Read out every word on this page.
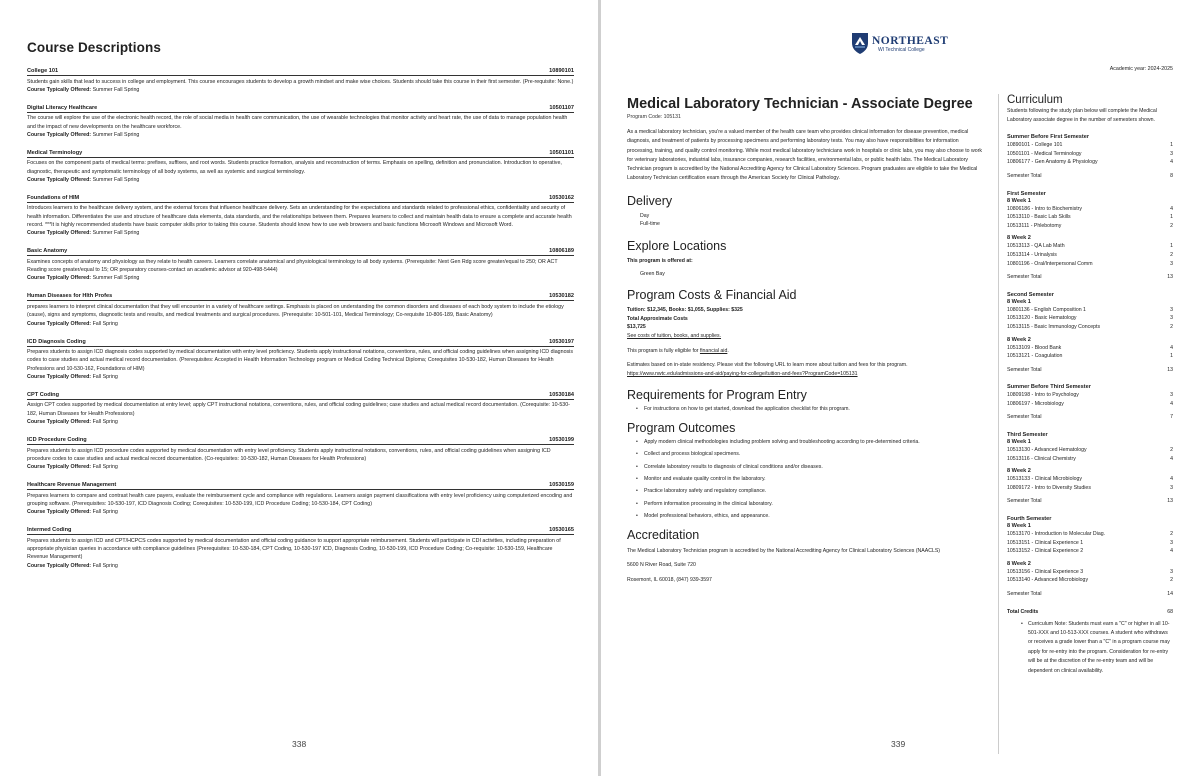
Course Descriptions
College 101	10890101
Students gain skills that lead to success in college and employment. This course encourages students to develop a growth mindset and make wise choices. Students should take this course in their first semester. (Pre-requisite: None.)
Course Typically Offered: Summer Fall Spring
Digital Literacy Healthcare	10501107
The course will explore the use of the electronic health record, the role of social media in health care communication, the use of wearable technologies that monitor activity and heart rate, the use of data to manage population health and the impact of new developments on the healthcare workforce.
Course Typically Offered: Summer Fall Spring
Medical Terminology	10501101
Focuses on the component parts of medical terms: prefixes, suffixes, and root words. Students practice formation, analysis and reconstruction of terms. Emphasis on spelling, definition and pronunciation. Introduction to operative, diagnostic, therapeutic and symptomatic terminology of all body systems, as well as systemic and surgical terminology.
Course Typically Offered: Summer Fall Spring
Foundations of HIM	10530162
Introduces learners to the healthcare delivery system, and the external forces that influence healthcare delivery. Sets an understanding for the expectations and standards related to professional ethics, confidentiality and security of health information. Differentiates the use and structure of healthcare data elements, data standards, and the relationships between them. Prepares learners to collect and maintain health data to ensure a complete and accurate health record. ***It is highly recommended students have basic computer skills prior to taking this course. Students should know how to use web browsers and basic functions Microsoft Windows and Microsoft Word.
Course Typically Offered: Summer Fall Spring
Basic Anatomy	10806189
Examines concepts of anatomy and physiology as they relate to health careers. Learners correlate anatomical and physiological terminology to all body systems. (Prerequisite: Next Gen Rdg score greater/equal to 250; OR ACT Reading score greater/equal to 15; OR preparatory courses-contact an academic advisor at 920-498-5444)
Course Typically Offered: Summer Fall Spring
Human Diseases for Hlth Profes	10530182
prepares learners to interpret clinical documentation that they will encounter in a variety of healthcare settings. Emphasis is placed on understanding the common disorders and diseases of each body system to include the etiology (cause), signs and symptoms, diagnostic tests and results, and medical treatments and surgical procedures. (Prerequisite: 10-501-101, Medical Terminology; Co-requisite 10-806-189, Basic Anatomy)
Course Typically Offered: Fall Spring
ICD Diagnosis Coding	10530197
Prepares students to assign ICD diagnosis codes supported by medical documentation with entry level proficiency. Students apply instructional notations, conventions, rules, and official coding guidelines when assigning ICD diagnosis codes to case studies and actual medical record documentation. (Prerequisites: Accepted in Health Information Technology program or Medical Coding Technical Diploma; Corequisites 10-530-182, Human Diseases for Health Professions and 10-530-162, Foundations of HIM)
Course Typically Offered: Fall Spring
CPT Coding	10530184
Assign CPT codes supported by medical documentation at entry level; apply CPT instructional notations, conventions, rules, and official coding guidelines; case studies and actual medical record documentation. (Corequisite: 10-530-182, Human Diseases for Health Professions)
Course Typically Offered: Fall Spring
ICD Procedure Coding	10530199
Prepares students to assign ICD procedure codes supported by medical documentation with entry level proficiency. Students apply instructional notations, conventions, rules, and official coding guidelines when assigning ICD procedure codes to case studies and actual medical record documentation. (Co-requisites: 10-530-182, Human Diseases for Health Professions)
Course Typically Offered: Fall Spring
Healthcare Revenue Management	10530159
Prepares learners to compare and contrast health care payers, evaluate the reimbursement cycle and compliance with regulations. Learners assign payment classifications with entry level proficiency using computerized encoding and grouping software. (Prerequisites: 10-530-197, ICD Diagnosis Coding; Corequisites: 10-530-199, ICD Procedure Coding; 10-530-184, CPT Coding)
Course Typically Offered: Fall Spring
Intermed Coding	10530165
Prepares students to assign ICD and CPT/HCPCS codes supported by medical documentation and official coding guidance to support appropriate reimbursement. Students will participate in CDI activities, including preparation of appropriate physician queries in accordance with compliance guidelines (Prerequisites: 10-530-184, CPT Coding, 10-530-197 ICD, Diagnosis Coding, 10-530-199, ICD Procedure Coding; Co-requisite: 10-530-159, Healthcare Revenue Management)
Course Typically Offered: Fall Spring
338
NORTHEAST
WI Technical College
Academic year: 2024-2025
Medical Laboratory Technician - Associate Degree
Program Code: 105131
As a medical laboratory technician, you're a valued member of the health care team who provides clinical information for disease prevention, medical diagnosis, and treatment of patients by processing specimens and performing laboratory tests. You may also have responsibilities for information processing, training, and quality control monitoring. While most medical laboratory technicians work in hospitals or clinic labs, you may also choose to work for veterinary laboratories, industrial labs, insurance companies, research facilities, environmental labs, or public health labs. The Medical Laboratory Technician program is accredited by the National Accrediting Agency for Clinical Laboratory Sciences. Program graduates are eligible to take the Medical Laboratory Technician certification exam through the American Society for Clinical Pathology.
Delivery
Day
Full-time
Explore Locations
This program is offered at:
Green Bay
Program Costs & Financial Aid
Tuition: $12,345, Books: $1,055, Supplies: $325
Total Approximate Costs
$13,725
See costs of tuition, books, and supplies.
This program is fully eligible for financial aid.
Estimates based on in-state residency. Please visit the following URL to learn more about tuition and fees for this program.
https://www.nwtc.edu/admissions-and-aid/paying-for-college/tuition-and-fees?ProgramCode=105131
Requirements for Program Entry
• For instructions on how to get started, download the application checklist for this program.
Program Outcomes
• Apply modern clinical methodologies including problem solving and troubleshooting according to pre-determined criteria.
• Collect and process biological specimens.
• Correlate laboratory results to diagnosis of clinical conditions and/or diseases.
• Monitor and evaluate quality control in the laboratory.
• Practice laboratory safety and regulatory compliance.
• Perform information processing in the clinical laboratory.
• Model professional behaviors, ethics, and appearance.
Accreditation
The Medical Laboratory Technician program is accredited by the National Accrediting Agency for Clinical Laboratory Sciences (NAACLS)
5600 N River Road, Suite 720
Rosemont, IL 60018, (847) 939-3597
Curriculum
Students following the study plan below will complete the Medical Laboratory associate degree in the number of semesters shown.
Summer Before First Semester
10890101 - College 101	1
10501101 - Medical Terminology	3
10806177 - Gen Anatomy & Physiology	4
Semester Total	8
First Semester
8 Week 1
10806186 - Intro to Biochemistry	4
10513110 - Basic Lab Skills	1
10513111 - Phlebotomy	2
8 Week 2
10513113 - QA Lab Math	1
10513114 - Urinalysis	2
10801196 - Oral/Interpersonal Comm	3
Semester Total	13
Second Semester
8 Week 1
10801136 - English Composition 1	3
10513120 - Basic Hematology	3
10513115 - Basic Immunology Concepts	2
8 Week 2
10513109 - Blood Bank	4
10513121 - Coagulation	1
Semester Total	13
Summer Before Third Semester
10809198 - Intro to Psychology	3
10806197 - Microbiology	4
Semester Total	7
Third Semester
8 Week 1
10513130 - Advanced Hematology	2
10513116 - Clinical Chemistry	4
8 Week 2
10513133 - Clinical Microbiology	4
10809172 - Intro to Diversity Studies	3
Semester Total	13
Fourth Semester
8 Week 1
10513170 - Introduction to Molecular Diag.	2
10513151 - Clinical Experience 1	3
10513152 - Clinical Experience 2	4
8 Week 2
10513156 - Clinical Experience 3	3
10513140 - Advanced Microbiology	2
Semester Total	14
Total Credits	68
• Curriculum Note: Students must earn a "C" or higher in all 10-501-XXX and 10-513-XXX courses. A student who withdraws or receives a grade lower than a "C" in a program course may apply for re-entry into the program. Consideration for re-entry will be at the discretion of the re-entry team and will be dependent on clinical availability.
339
